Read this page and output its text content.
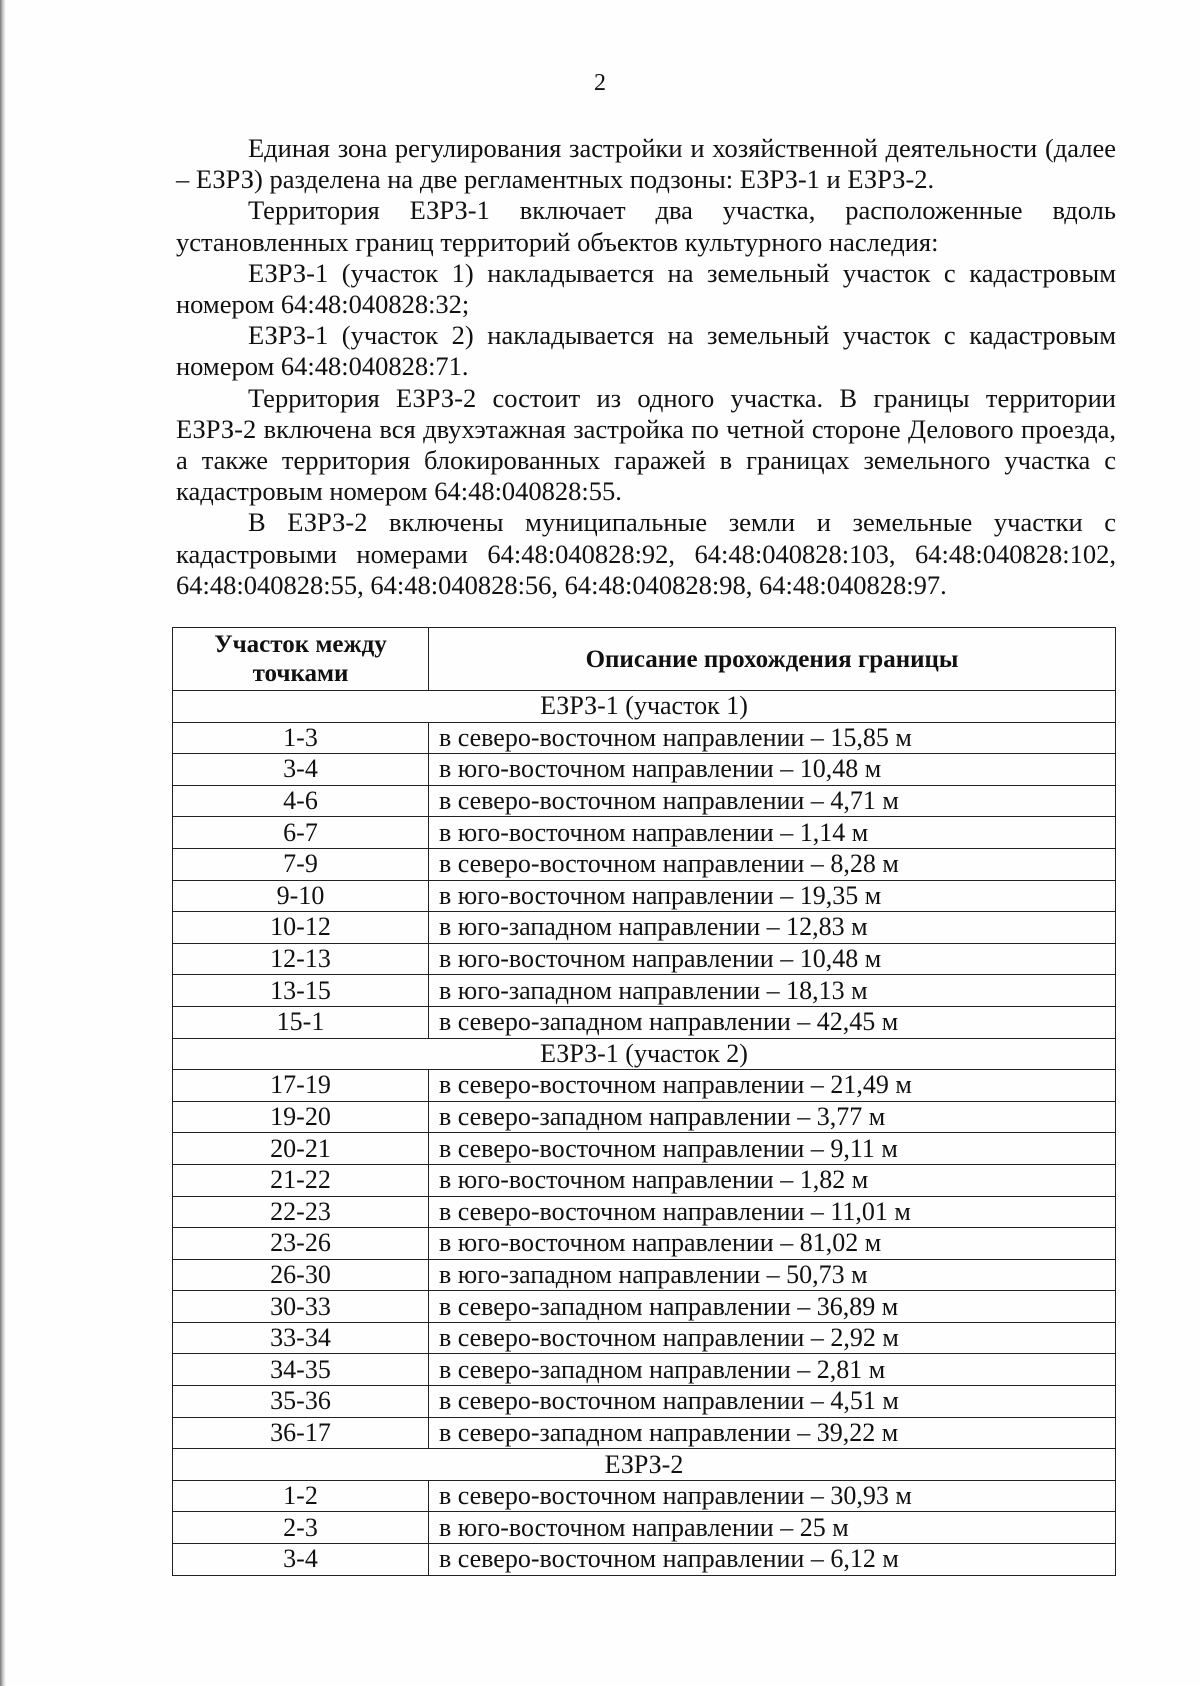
2

Единая зона регулирования застройки и хозяйственной деятельности (далее – ЕЗРЗ) разделена на две регламентных подзоны: ЕЗРЗ-1 и ЕЗРЗ-2.

Территория ЕЗРЗ-1 включает два участка, расположенные вдоль установленных границ территорий объектов культурного наследия:

ЕЗРЗ-1 (участок 1) накладывается на земельный участок с кадастровым номером 64:48:040828:32;

ЕЗРЗ-1 (участок 2) накладывается на земельный участок с кадастровым номером 64:48:040828:71.

Территория ЕЗРЗ-2 состоит из одного участка. В границы территории ЕЗРЗ-2 включена вся двухэтажная застройка по четной стороне Делового проезда, а также территория блокированных гаражей в границах земельного участка с кадастровым номером 64:48:040828:55.

В ЕЗРЗ-2 включены муниципальные земли и земельные участки с кадастровыми номерами 64:48:040828:92, 64:48:040828:103, 64:48:040828:102, 64:48:040828:55, 64:48:040828:56, 64:48:040828:98, 64:48:040828:97.

Участок между точками	Описание прохождения границы
ЕЗРЗ-1 (участок 1)	
1-3	в северо-восточном направлении – 15,85 м
3-4	в юго-восточном направлении – 10,48 м
4-6	в северо-восточном направлении – 4,71 м
6-7	в юго-восточном направлении – 1,14 м
7-9	в северо-восточном направлении – 8,28 м
9-10	в юго-восточном направлении – 19,35 м
10-12	в юго-западном направлении – 12,83 м
12-13	в юго-восточном направлении – 10,48 м
13-15	в юго-западном направлении – 18,13 м
15-1	в северо-западном направлении – 42,45 м
ЕЗРЗ-1 (участок 2)	
17-19	в северо-восточном направлении – 21,49 м
19-20	в северо-западном направлении – 3,77 м
20-21	в северо-восточном направлении – 9,11 м
21-22	в юго-восточном направлении – 1,82 м
22-23	в северо-восточном направлении – 11,01 м
23-26	в юго-восточном направлении – 81,02 м
26-30	в юго-западном направлении – 50,73 м
30-33	в северо-западном направлении – 36,89 м
33-34	в северо-восточном направлении – 2,92 м
34-35	в северо-западном направлении – 2,81 м
35-36	в северо-восточном направлении – 4,51 м
36-17	в северо-западном направлении – 39,22 м
ЕЗРЗ-2	
1-2	в северо-восточном направлении – 30,93 м
2-3	в юго-восточном направлении – 25 м
3-4	в северо-восточном направлении – 6,12 м
